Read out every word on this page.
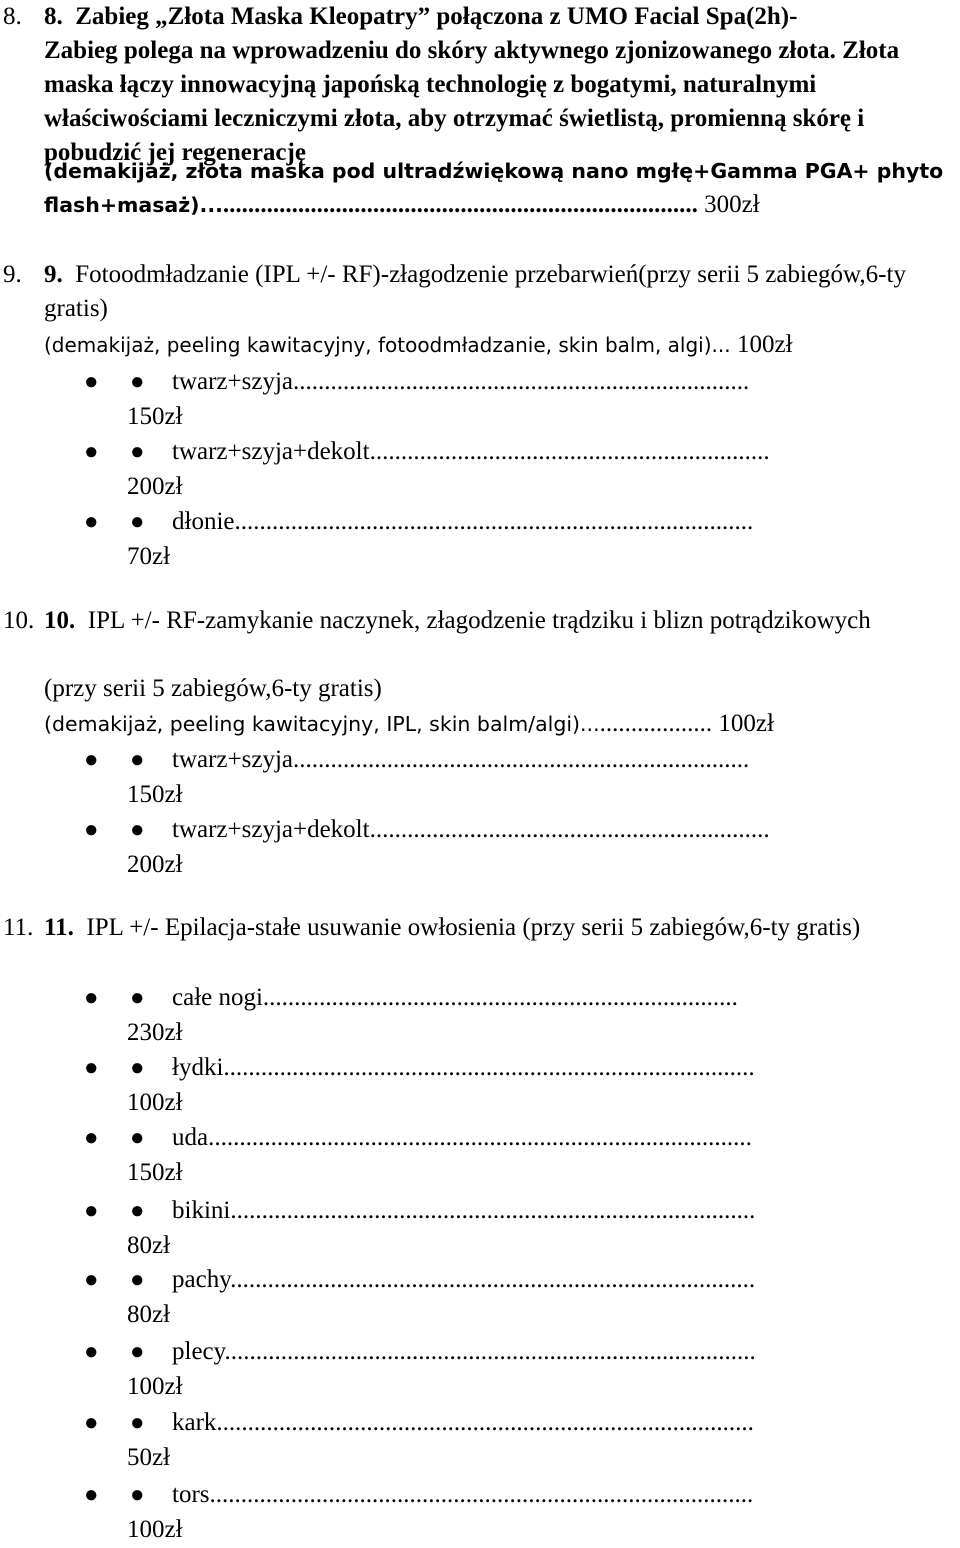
8. 8. Zabieg „Złota Maska Kleopatry” połączona z UMO Facial Spa(2h)-
Zabieg polega na wprowadzeniu do skóry aktywnego zjonizowanego złota. Złota maska łączy innowacyjną japońską technologię z bogatymi, naturalnymi właściwościami leczniczymi złota, aby otrzymać świetlistą, promienną skórę i pobudzić jej regenerację
(demakijaż, złota maska pod ultradźwiękową nano mgłę+Gamma PGA+ phyto flash+masaż)............................................................................... 300zł
9. 9. Fotoodmładzanie (IPL +/- RF)-złagodzenie przebarwień(przy serii 5 zabiegów,6-ty gratis)
(demakijaż, peeling kawitacyjny, fotoodmładzanie, skin balm, algi)... 100zł
● ● twarz+szyja.........................................................................
150zł
● ● twarz+szyja+dekolt................................................................
200zł
● ● dłonie...................................................................................
70zł
10. 10. IPL +/- RF-zamykanie naczynek, złagodzenie trądziku i blizn potrądzikowych
(przy serii 5 zabiegów,6-ty gratis)
(demakijaż, peeling kawitacyjny, IPL, skin balm/algi)..................... 100zł
● ● twarz+szyja.........................................................................
150zł
● ● twarz+szyja+dekolt................................................................
200zł
11. 11. IPL +/- Epilacja-stałe usuwanie owłosienia (przy serii 5 zabiegów,6-ty gratis)
● ● całe nogi............................................................................
230zł
● ● łydki.....................................................................................
100zł
● ● uda.......................................................................................
150zł
● ● bikini....................................................................................
80zł
● ● pachy....................................................................................
80zł
● ● plecy.....................................................................................
100zł
● ● kark......................................................................................
50zł
● ● tors.......................................................................................
100zł
